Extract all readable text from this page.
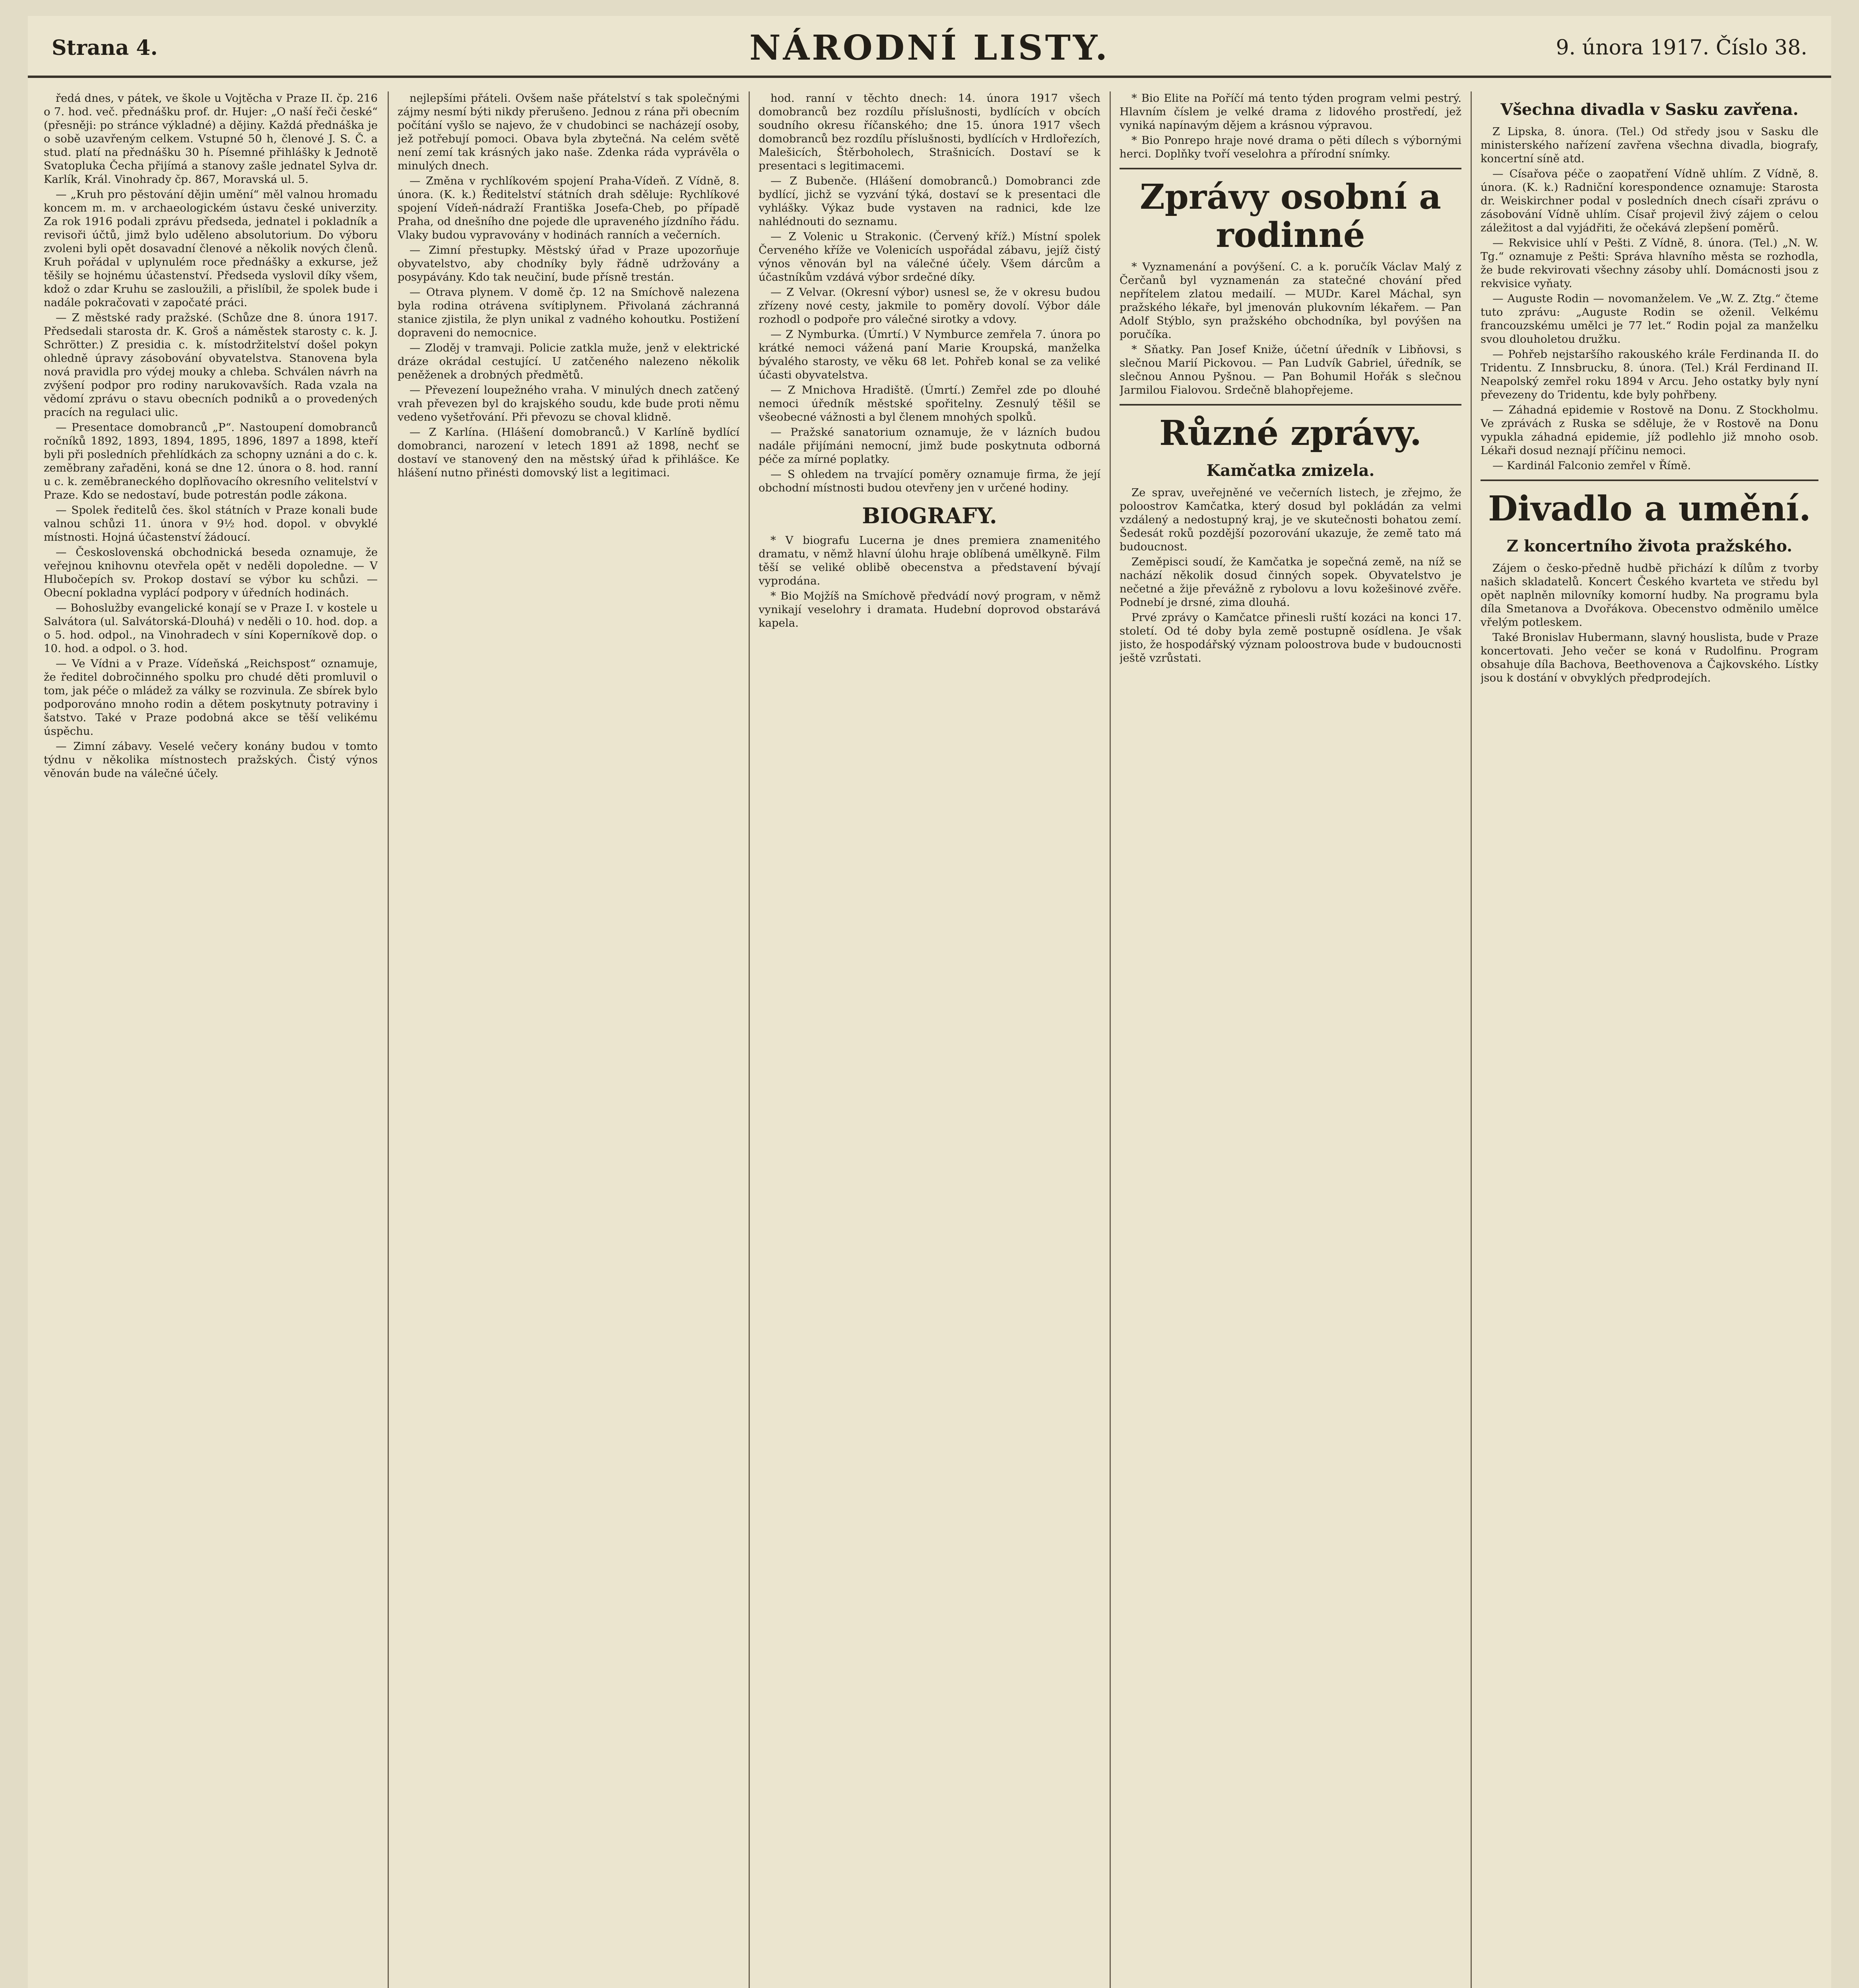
Strana 4.	NÁRODNÍ LISTY.	9. února 1917. Číslo 38.

ředá dnes, v pátek, ve škole u Vojtěcha v Praze II. čp. 216 o 7. hod. več. přednášku prof. dr. Hujer: „O naší řeči české“ (přesněji: po stránce výkladné) a dějiny. Každá přednáška je o sobě uzavřeným celkem. Vstupné 50 h, členové J. S. Č. a stud. platí na přednášku 30 h. Písemné přihlášky k Jednotě Svatopluka Čecha přijímá a stanovy zašle jednatel Sylva dr. Karlík, Král. Vinohrady čp. 867, Moravská ul. 5.

— „Kruh pro pěstování dějin umění“ měl valnou hromadu koncem m. m. v archaeologickém ústavu české univerzity. Za rok 1916 podali zprávu předseda, jednatel i pokladník a revisoři účtů, jimž bylo uděleno absolutorium. Do výboru zvoleni byli opět dosavadní členové a několik nových členů. Kruh pořádal v uplynulém roce přednášky a exkurse, jež těšily se hojnému účastenství. Předseda vyslovil díky všem, kdož o zdar Kruhu se zasloužili, a přislíbil, že spolek bude i nadále pokračovati v započaté práci.

— Z městské rady pražské. (Schůze dne 8. února 1917. Předsedali starosta dr. K. Groš a náměstek starosty c. k. J. Schrötter.) Z presidia c. k. místodržitelství došel pokyn ohledně úpravy zásobování obyvatelstva. Stanovena byla nová pravidla pro výdej mouky a chleba. Schválen návrh na zvýšení podpor pro rodiny narukovavších. Rada vzala na vědomí zprávu o stavu obecních podniků a o provedených pracích na regulaci ulic.

— Presentace domobranců „P“. Nastoupení domobranců ročníků 1892, 1893, 1894, 1895, 1896, 1897 a 1898, kteří byli při posledních přehlídkách za schopny uznáni a do c. k. zeměbrany zařaděni, koná se dne 12. února o 8. hod. ranní u c. k. zeměbraneckého doplňovacího okresního velitelství v Praze. Kdo se nedostaví, bude potrestán podle zákona.

— Spolek ředitelů čes. škol státních v Praze konali bude valnou schůzi 11. února v 9½ hod. dopol. v obvyklé místnosti. Hojná účastenství žádoucí.

— Československá obchodnická beseda oznamuje, že veřejnou knihovnu otevřela opět v neděli dopoledne. — V Hlubočepích sv. Prokop dostaví se výbor ku schůzi. — Obecní pokladna vyplácí podpory v úředních hodinách.

— Bohoslužby evangelické konají se v Praze I. v kostele u Salvátora (ul. Salvátorská-Dlouhá) v neděli o 10. hod. dop. a o 5. hod. odpol., na Vinohradech v síni Koperníkově dop. o 10. hod. a odpol. o 3. hod.

— Ve Vídni a v Praze. Vídeňská „Reichspost“ oznamuje, že ředitel dobročinného spolku pro chudé děti promluvil o tom, jak péče o mládež za války se rozvinula. Ze sbírek bylo podporováno mnoho rodin a dětem poskytnuty potraviny i šatstvo. Také v Praze podobná akce se těší velikému úspěchu.

— Zimní zábavy. Veselé večery konány budou v tomto týdnu v několika místnostech pražských. Čistý výnos věnován bude na válečné účely.

nejlepšími přáteli. Ovšem naše přátelství s tak společnými zájmy nesmí býti nikdy přerušeno. Jednou z rána při obecním počítání vyšlo se najevo, že v chudobinci se nacházejí osoby, jež potřebují pomoci. Obava byla zbytečná. Na celém světě není zemí tak krásných jako naše. Zdenka ráda vyprávěla o minulých dnech.

— Změna v rychlíkovém spojení Praha-Vídeň. Z Vídně, 8. února. (K. k.) Ředitelství státních drah sděluje: Rychlíkové spojení Vídeň-nádraží Františka Josefa-Cheb, po případě Praha, od dnešního dne pojede dle upraveného jízdního řádu. Vlaky budou vypravovány v hodinách ranních a večerních.

— Zimní přestupky. Městský úřad v Praze upozorňuje obyvatelstvo, aby chodníky byly řádně udržovány a posypávány. Kdo tak neučiní, bude přísně trestán.

— Otrava plynem. V domě čp. 12 na Smíchově nalezena byla rodina otrávena svítiplynem. Přivolaná záchranná stanice zjistila, že plyn unikal z vadného kohoutku. Postižení dopraveni do nemocnice.

— Zloděj v tramvaji. Policie zatkla muže, jenž v elektrické dráze okrádal cestující. U zatčeného nalezeno několik peněženek a drobných předmětů.

— Převezení loupežného vraha. V minulých dnech zatčený vrah převezen byl do krajského soudu, kde bude proti němu vedeno vyšetřování. Při převozu se choval klidně.

— Z Karlína. (Hlášení domobranců.) V Karlíně bydlící domobranci, narození v letech 1891 až 1898, nechť se dostaví ve stanovený den na městský úřad k přihlášce. Ke hlášení nutno přinésti domovský list a legitimaci.

hod. ranní v těchto dnech: 14. února 1917 všech domobranců bez rozdílu příslušnosti, bydlících v obcích soudního okresu říčanského; dne 15. února 1917 všech domobranců bez rozdílu příslušnosti, bydlících v Hrdlořezích, Malešicích, Štěrboholech, Strašnicích. Dostaví se k presentaci s legitimacemi.

— Z Bubenče. (Hlášení domobranců.) Domobranci zde bydlící, jichž se vyzvání týká, dostaví se k presentaci dle vyhlášky. Výkaz bude vystaven na radnici, kde lze nahlédnouti do seznamu.

— Z Volenic u Strakonic. (Červený kříž.) Místní spolek Červeného kříže ve Volenicích uspořádal zábavu, jejíž čistý výnos věnován byl na válečné účely. Všem dárcům a účastníkům vzdává výbor srdečné díky.

— Z Velvar. (Okresní výbor) usnesl se, že v okresu budou zřízeny nové cesty, jakmile to poměry dovolí. Výbor dále rozhodl o podpoře pro válečné sirotky a vdovy.

— Z Nymburka. (Úmrtí.) V Nymburce zemřela 7. února po krátké nemoci vážená paní Marie Kroupská, manželka bývalého starosty, ve věku 68 let. Pohřeb konal se za veliké účasti obyvatelstva.

— Z Mnichova Hradiště. (Úmrtí.) Zemřel zde po dlouhé nemoci úředník městské spořitelny. Zesnulý těšil se všeobecné vážnosti a byl členem mnohých spolků.

— Pražské sanatorium oznamuje, že v lázních budou nadále přijímáni nemocní, jimž bude poskytnuta odborná péče za mírné poplatky.

— S ohledem na trvající poměry oznamuje firma, že její obchodní místnosti budou otevřeny jen v určené hodiny.

BIOGRAFY.

* V biografu Lucerna je dnes premiera znamenitého dramatu, v němž hlavní úlohu hraje oblíbená umělkyně. Film těší se veliké oblibě obecenstva a představení bývají vyprodána.

* Bio Mojžíš na Smíchově předvádí nový program, v němž vynikají veselohry i dramata. Hudební doprovod obstarává kapela.

* Bio Elite na Poříčí má tento týden program velmi pestrý. Hlavním číslem je velké drama z lidového prostředí, jež vyniká napínavým dějem a krásnou výpravou.

* Bio Ponrepo hraje nové drama o pěti dílech s výbornými herci. Doplňky tvoří veselohra a přírodní snímky.

Zprávy osobní a rodinné

* Vyznamenání a povýšení. C. a k. poručík Václav Malý z Čerčanů byl vyznamenán za statečné chování před nepřítelem zlatou medailí. — MUDr. Karel Máchal, syn pražského lékaře, byl jmenován plukovním lékařem. — Pan Adolf Stýblo, syn pražského obchodníka, byl povýšen na poručíka.

* Sňatky. Pan Josef Kniže, účetní úředník v Libňovsi, s slečnou Marií Pickovou. — Pan Ludvík Gabriel, úředník, se slečnou Annou Pyšnou. — Pan Bohumil Hořák s slečnou Jarmilou Fialovou. Srdečně blahopřejeme.

Různé zprávy.
Kamčatka zmizela.

Ze sprav, uveřejněné ve večerních listech, je zřejmo, že poloostrov Kamčatka, který dosud byl pokládán za velmi vzdálený a nedostupný kraj, je ve skutečnosti bohatou zemí. Šedesát roků pozdější pozorování ukazuje, že země tato má budoucnost.

Zeměpisci soudí, že Kamčatka je sopečná země, na níž se nachází několik dosud činných sopek. Obyvatelstvo je nečetné a žije převážně z rybolovu a lovu kožešinové zvěře. Podnebí je drsné, zima dlouhá.

Prvé zprávy o Kamčatce přinesli ruští kozáci na konci 17. století. Od té doby byla země postupně osídlena. Je však jisto, že hospodářský význam poloostrova bude v budoucnosti ještě vzrůstati.

Všechna divadla v Sasku zavřena.

Z Lipska, 8. února. (Tel.) Od středy jsou v Sasku dle ministerského nařízení zavřena všechna divadla, biografy, koncertní síně atd.

— Císařova péče o zaopatření Vídně uhlím. Z Vídně, 8. února. (K. k.) Radniční korespondence oznamuje: Starosta dr. Weiskirchner podal v posledních dnech císaři zprávu o zásobování Vídně uhlím. Císař projevil živý zájem o celou záležitost a dal vyjádřiti, že očekává zlepšení poměrů.

— Rekvisice uhlí v Pešti. Z Vídně, 8. února. (Tel.) „N. W. Tg.“ oznamuje z Pešti: Správa hlavního města se rozhodla, že bude rekvirovati všechny zásoby uhlí. Domácnosti jsou z rekvisice vyňaty.

— Auguste Rodin — novomanželem. Ve „W. Z. Ztg.“ čteme tuto zprávu: „Auguste Rodin se oženil. Velkému francouzskému umělci je 77 let.“ Rodin pojal za manželku svou dlouholetou družku.

— Pohřeb nejstaršího rakouského krále Ferdinanda II. do Tridentu. Z Innsbrucku, 8. února. (Tel.) Král Ferdinand II. Neapolský zemřel roku 1894 v Arcu. Jeho ostatky byly nyní převezeny do Tridentu, kde byly pohřbeny.

— Záhadná epidemie v Rostově na Donu. Z Stockholmu. Ve zprávách z Ruska se sděluje, že v Rostově na Donu vypukla záhadná epidemie, jíž podlehlo již mnoho osob. Lékaři dosud neznají příčinu nemoci.

— Kardinál Falconio zemřel v Římě.

Divadlo a umění.
Z koncertního života pražského.

Zájem o česko-předně hudbě přichází k dílům z tvorby našich skladatelů. Koncert Českého kvarteta ve středu byl opět naplněn milovníky komorní hudby. Na programu byla díla Smetanova a Dvořákova. Obecenstvo odměnilo umělce vřelým potleskem.

Také Bronislav Hubermann, slavný houslista, bude v Praze koncertovati. Jeho večer se koná v Rudolfinu. Program obsahuje díla Bachova, Beethovenova a Čajkovského. Lístky jsou k dostání v obvyklých předprodejích.
